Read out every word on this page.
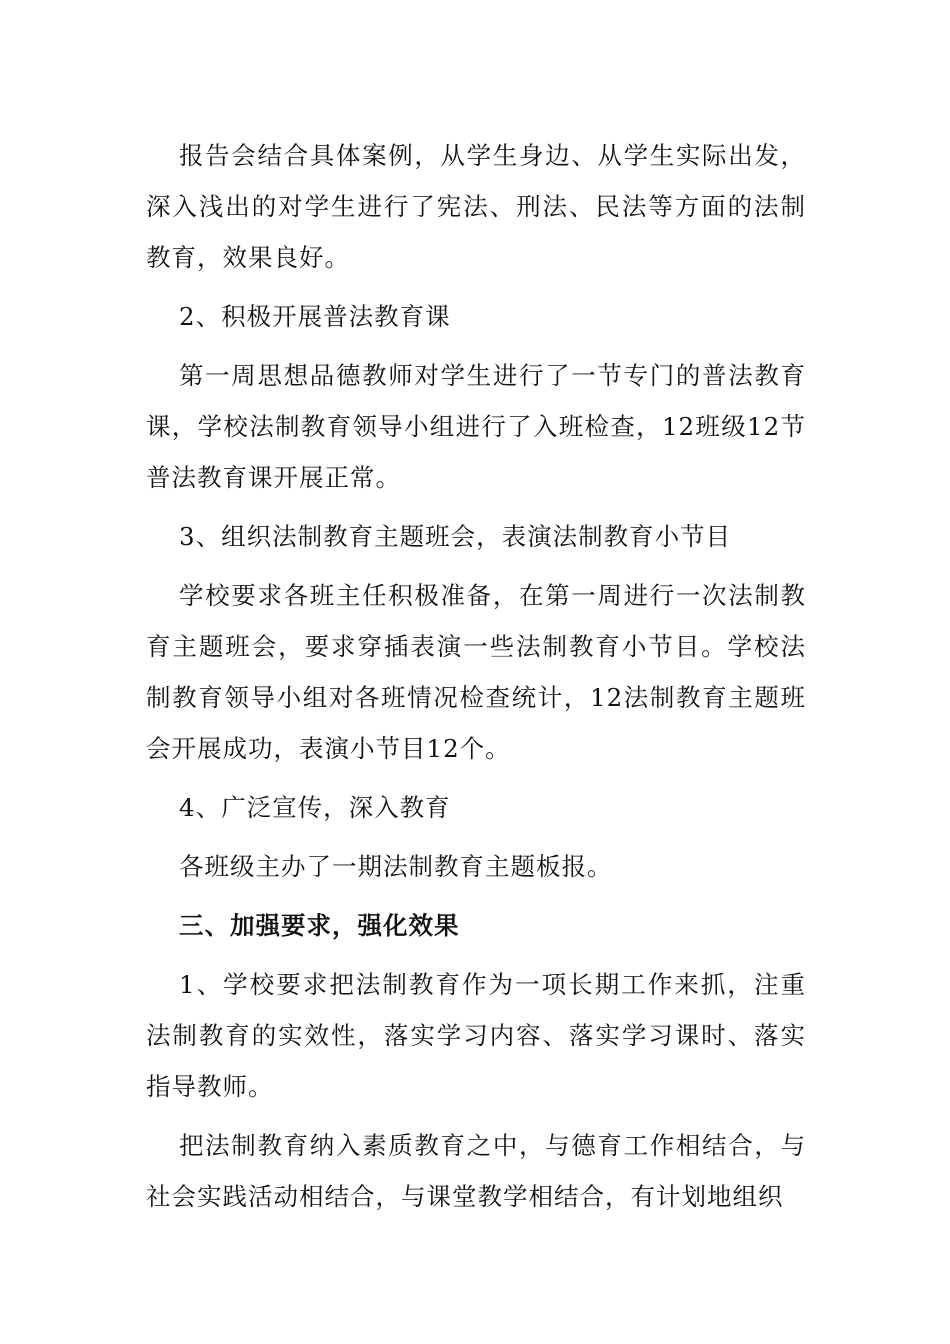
报告会结合具体案例，从学生身边、从学生实际出发，深入浅出的对学生进行了宪法、刑法、民法等方面的法制教育，效果良好。

2、积极开展普法教育课

第一周思想品德教师对学生进行了一节专门的普法教育课，学校法制教育领导小组进行了入班检查，12班级12节普法教育课开展正常。

3、组织法制教育主题班会，表演法制教育小节目

学校要求各班主任积极准备，在第一周进行一次法制教育主题班会，要求穿插表演一些法制教育小节目。学校法制教育领导小组对各班情况检查统计，12法制教育主题班会开展成功，表演小节目12个。

4、广泛宣传，深入教育

各班级主办了一期法制教育主题板报。

三、加强要求，强化效果

1、学校要求把法制教育作为一项长期工作来抓，注重法制教育的实效性，落实学习内容、落实学习课时、落实指导教师。

把法制教育纳入素质教育之中，与德育工作相结合，与社会实践活动相结合，与课堂教学相结合，有计划地组织
